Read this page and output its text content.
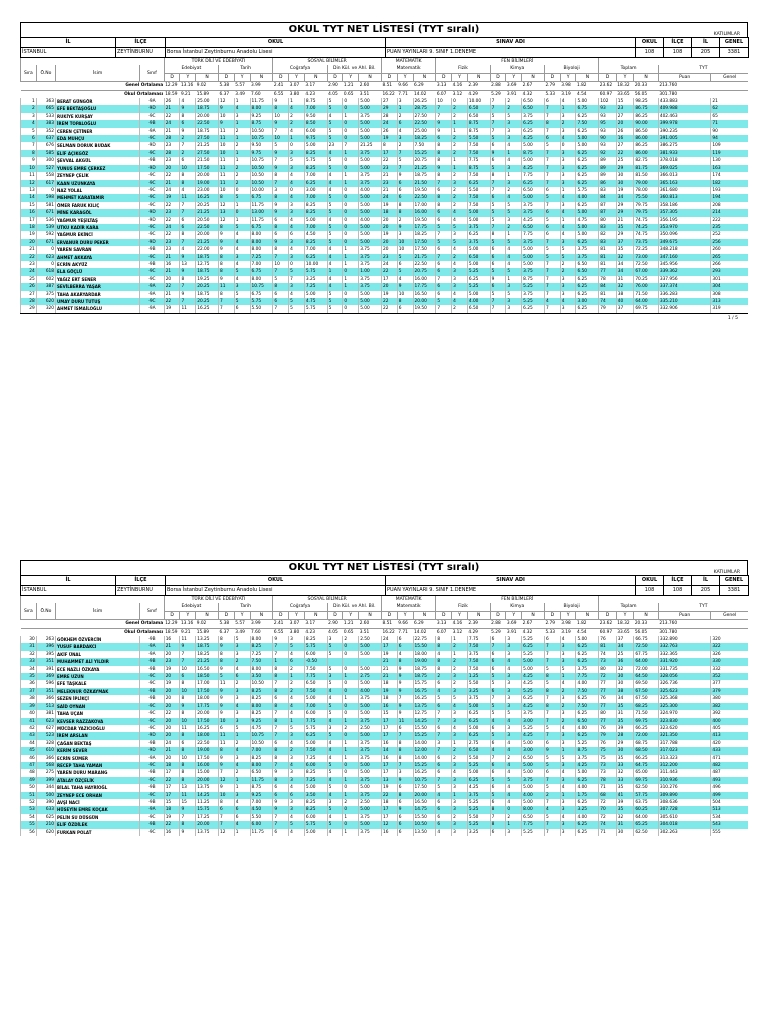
OKUL TYT NET LİSTESİ (TYT sıralı)	KATILIMLAR
İL	İLÇE	OKUL	SINAV ADI	OKUL	İLÇE	İL	GENEL
İSTANBUL	ZEYTİNBURNU	Borsa İstanbul Zeytinburnu Anadolu Lisesi	PUAN YAYINLARI 9. SINIF 1.DENEME	108	108	205	3381
				TÜRK DİLİ VE EDEBİYATI						SOSYAL BİLİMLER						MATEMATİK			FEN BİLİMLERİ													
Sıra	Ö.No	İsim	Sınıf	Edebiyat			Tarih			Coğrafya			Din Kül. ve Ahl. Bil.			Matematik			Fizik			Kimya			Biyoloji			Toplam			TYT	
				D	Y	N	D	Y	N	D	Y	N	D	Y	N	D	Y	N	D	Y	N	D	Y	N	D	Y	N	D	Y	N	Puan	Genel
Genel Ortalama				12.29	13.16	9.02	5.38	5.57	3.99	2.41	3.07	3.17	2.90	1.21	2.60	8.51	9.66	6.29	3.13	4.16	2.39	2.88	3.69	2.67	2.79	3.98	1.82	23.62	18.32	20.33	213.760	
Okul Ortalaması				18.59	9.21	15.89	6.37	3.49	7.60	6.55	3.80	4.23	4.05	0.65	3.51	16.22	7.71	14.02	6.07	3.12	4.29	5.29	3.91	4.32	5.33	3.19	4.54	60.97	33.65	56.05	301.780	
1	363	BERAT GÜNGÖR	-9A	26	4	25.00	12	1	11.75	9	1	8.75	5	0	5.00	27	3	26.25	10	0	10.00	7	2	6.50	6	4	5.00	102	15	98.25	433.883	21
2	665	EFE BEKTAŞOĞLU	-9D	21	9	18.75	9	4	8.00	8	4	7.00	5	0	5.00	29	1	28.75	7	2	6.50	7	2	6.50	7	1	6.75	93	23	86.75	409.988	62
3	533	RUKİYE KURŞAY	-9C	22	8	20.00	10	3	9.25	10	2	9.50	4	1	3.75	28	2	27.50	7	2	6.50	5	5	3.75	7	3	6.25	93	27	86.25	402.463	65
4	383	İREM TOPALOĞLU	-9B	24	6	22.50	9	1	8.75	9	2	8.50	5	0	5.00	24	6	22.50	9	1	8.75	7	3	6.25	8	2	7.50	95	20	90.00	399.978	71
5	352	CEREN ÇETİNER	-9A	21	9	18.75	11	2	10.50	7	4	6.00	5	0	5.00	26	4	25.00	9	1	8.75	7	3	6.25	7	3	6.25	93	26	86.50	390.235	90
6	637	EDA MUHÇU	-9C	28	2	27.50	11	1	10.75	10	1	9.75	5	0	5.00	19	3	18.25	6	2	5.50	5	3	4.25	6	4	5.00	90	16	86.00	391.005	94
7	676	SELMAN DORUK BUDAK	-9D	23	7	21.25	10	2	9.50	5	0	5.00	23	7	21.25	8	2	7.50	8	2	7.50	6	4	5.00	5	0	5.00	93	27	86.25	386.275	109
8	585	ELİF AÇIKGÖZ	-9C	28	2	27.50	10	1	9.75	9	3	8.25	4	1	3.75	17	7	15.25	8	2	7.50	9	1	8.75	7	3	6.25	92	22	86.00	381.933	119
9	300	ŞEVVAL AKGÜL	-9B	23	6	21.50	11	1	10.75	7	5	5.75	5	0	5.00	22	5	20.75	8	1	7.75	6	4	5.00	7	3	6.25	89	25	82.75	378.018	130
10	527	YUNUS EMRE ÇERKEZ	-9D	20	10	17.50	11	2	10.50	9	3	8.25	5	0	5.00	23	7	21.25	9	1	8.75	5	3	4.25	7	3	6.25	89	29	81.75	369.025	163
11	558	ZEYNEP ÇELİK	-9C	22	8	20.00	11	2	10.50	8	4	7.00	4	1	3.75	21	9	18.75	8	2	7.50	8	1	7.75	7	3	6.25	89	30	81.50	366.013	174
12	617	KAAN UZUNKAYA	-9C	21	8	19.00	11	2	10.50	7	4	6.25	4	1	3.75	23	6	21.50	7	3	6.25	7	3	6.25	7	3	6.25	86	30	79.00	365.163	182
13	0	NAZ YOLAL	-9C	24	4	23.00	10	0	10.00	3	0	3.00	4	0	4.00	21	6	19.50	6	2	5.50	7	2	6.50	6	1	5.75	83	19	78.00	361.680	193
14	598	MEHMET KARATAMIR	-9C	19	11	16.25	8	5	6.75	8	4	7.00	5	0	5.00	24	6	22.50	8	2	7.50	6	4	5.00	5	4	4.00	84	34	75.50	360.813	194
15	581	ÖMER FARUK KILIÇ	-9C	22	7	20.25	12	1	11.75	9	3	8.25	5	0	5.00	19	8	17.00	8	2	7.50	5	5	3.75	7	3	6.25	87	29	79.75	358.186	208
16	671	MİNE KARAGÖL	-9D	23	7	21.25	13	0	13.00	9	3	8.25	5	0	5.00	18	8	16.00	6	4	5.00	5	5	3.75	6	4	5.00	87	29	79.75	357.305	214
17	536	YAĞMUR YEŞİLTAŞ	-9D	22	6	20.50	12	1	11.75	6	4	5.00	4	0	4.00	20	2	19.50	6	4	5.00	5	3	4.25	5	1	4.75	80	21	74.75	356.195	222
18	539	UTKU KADİR KARA	-9C	24	6	22.50	8	5	6.75	8	4	7.00	5	0	5.00	20	9	17.75	5	5	3.75	7	2	6.50	6	4	5.00	83	35	74.25	353.970	235
19	592	YAĞMUR EKİNCİ	-9C	22	8	20.00	9	4	8.00	6	6	4.50	5	0	5.00	19	3	18.25	7	3	6.25	8	1	7.75	6	4	5.00	82	29	74.75	350.096	252
20	671	ERVANUR DURU PEKER	-9D	23	7	21.25	9	4	8.00	9	3	8.25	5	0	5.00	20	10	17.50	5	5	3.75	5	5	3.75	7	3	6.25	83	37	73.75	349.675	256
21	0	YAREN SAVRAN	-9B	23	4	22.00	9	4	8.00	8	4	7.00	4	1	3.75	20	10	17.50	6	4	5.00	6	4	5.00	5	5	3.75	81	35	72.25	348.218	260
22	623	AHMET AKKAYA	-9C	21	9	18.75	8	3	7.25	7	3	6.25	4	1	3.75	23	5	21.75	7	2	6.50	6	4	5.00	5	5	3.75	81	32	73.00	347.160	265
23	0	ECRİN AKYÜZ	-9B	16	13	12.75	8	4	7.00	10	0	10.00	4	1	3.75	24	6	22.50	6	4	5.00	6	4	5.00	7	2	6.50	81	34	72.50	345.956	266
24	618	ELA GÖÇLÜ	-9C	21	9	18.75	8	5	6.75	7	5	5.75	1	0	1.00	22	5	20.75	6	3	5.25	5	5	3.75	7	2	6.50	77	34	67.00	339.362	293
25	602	YAĞIZ ERT SENER	-9C	20	8	19.25	9	4	8.00	5	7	3.25	4	1	3.75	17	4	16.00	7	3	6.25	9	1	8.75	7	3	6.25	78	31	70.25	337.956	301
26	387	SEVİLBERRA YAŞAR	-9A	22	7	20.25	11	3	10.75	8	3	7.25	4	1	3.75	20	9	17.75	6	3	5.25	6	3	5.25	7	3	6.25	84	32	76.00	337.374	304
27	375	TAHA AKARYARDAR	-9A	21	9	18.75	8	5	6.75	6	4	5.00	5	0	5.00	19	10	16.50	6	4	5.00	5	5	3.75	7	3	6.25	81	38	71.50	336.283	308
28	620	UMAY DURU TUTUŞ	-9C	22	7	20.25	7	5	5.75	6	5	4.75	5	0	5.00	22	8	20.00	5	4	4.00	7	3	5.25	4	4	3.00	74	40	64.00	335.210	313
29	320	AHMET İSMAİLOĞLU	-9A	19	11	16.25	7	6	5.50	7	5	5.75	5	0	5.00	22	6	19.50	7	2	6.50	7	3	6.25	7	3	6.25	79	37	69.75	332.906	319
1 / 5
OKUL TYT NET LİSTESİ (TYT sıralı)	KATILIMLAR
İL	İLÇE	OKUL	SINAV ADI	OKUL	İLÇE	İL	GENEL
İSTANBUL	ZEYTİNBURNU	Borsa İstanbul Zeytinburnu Anadolu Lisesi	PUAN YAYINLARI 9. SINIF 1.DENEME	108	108	205	3381
				TÜRK DİLİ VE EDEBİYATI						SOSYAL BİLİMLER						MATEMATİK			FEN BİLİMLERİ													
Sıra	Ö.No	İsim	Sınıf	Edebiyat			Tarih			Coğrafya			Din Kül. ve Ahl. Bil.			Matematik			Fizik			Kimya			Biyoloji			Toplam			TYT	
				D	Y	N	D	Y	N	D	Y	N	D	Y	N	D	Y	N	D	Y	N	D	Y	N	D	Y	N	D	Y	N	Puan	Genel
Genel Ortalama				12.29	13.16	9.02	5.38	5.57	3.99	2.41	3.07	3.17	2.90	1.21	2.60	8.51	9.66	6.29	3.13	4.16	2.39	2.88	3.69	2.67	2.79	3.98	1.82	23.62	18.32	20.33	213.760	
Okul Ortalaması				18.59	9.21	15.89	6.37	3.49	7.60	6.55	3.80	4.23	4.05	0.65	3.51	16.22	7.71	14.02	6.07	3.12	4.29	5.29	3.91	4.32	5.33	3.19	4.54	60.97	33.65	56.05	301.780	
30	263	GÖKHEM ÖZVERCİN	-9B	16	11	13.25	8	5	8.00	9	3	8.25	3	2	2.50	24	6	22.75	8	1	7.75	6	3	5.25	6	4	5.00	76	37	66.75	332.890	320
31	396	YUSUF BARDAKCI	-9A	21	9	18.75	9	3	8.25	7	5	5.75	5	0	5.00	17	6	15.50	8	2	7.50	7	3	6.25	7	3	6.25	81	34	72.50	332.763	322
32	395	AKİF ÜNAL	-9A	20	7	18.25	8	3	7.25	7	4	6.00	5	0	5.00	19	4	18.00	4	1	3.75	6	3	5.25	7	3	6.25	74	25	67.75	332.365	326
33	351	MUHAMMET ALİ YILDIR	-9B	23	7	21.25	8	2	7.50	1	6	-0.50				21	8	19.00	8	2	7.50	6	4	5.00	7	3	6.25	73	36	64.00	331.920	330
34	391	ECE NAZLI ÖZKAYA	-9B	19	10	16.50	9	4	8.00	8	2	7.50	5	0	5.00	21	9	18.75	8	2	7.50	6	4	5.00	5	5	3.75	80	32	72.00	331.735	332
35	369	EMRE UZUN	-9C	20	6	18.50	5	6	3.50	8	1	7.75	3	1	2.75	21	9	18.75	2	3	1.25	5	3	4.25	8	1	7.75	72	30	64.50	328.056	352
36	596	EFE TAŞKALE	-9C	19	8	17.00	11	2	10.50	7	2	6.50	5	0	5.00	18	9	15.75	6	2	5.50	5	3	4.25	5	4	4.00	77	30	69.50	326.736	377
37	351	MELEKNUR ÖZKAYMAK	-9B	20	10	17.50	9	3	8.25	8	2	7.50	4	0	4.00	19	9	16.75	4	3	3.25	6	3	5.25	8	2	7.50	77	38	67.50	325.623	379
38	366	SEZEN İPLİKÇİ	-9B	20	8	18.00	9	3	8.25	6	4	5.00	4	1	3.75	18	7	16.25	5	5	3.75	7	3	6.25	7	3	6.25	76	34	67.50	325.368	380
39	513	SAİD OYNAN	-9C	20	9	17.75	9	4	8.00	8	4	7.00	5	0	5.00	16	9	13.75	6	4	5.00	5	3	4.25	8	2	7.50	77	35	68.25	325.300	382
40	381	TAHA UÇAN	-9C	22	8	20.00	9	3	8.25	7	4	6.00	5	0	5.00	15	9	12.75	7	3	6.25	5	5	3.75	7	3	6.25	80	31	71.50	324.970	392
41	623	KEVSER RAZZAKOVA	-9C	20	10	17.50	10	3	9.25	8	1	7.75	4	1	3.75	17	11	14.25	7	3	6.25	4	4	3.00	7	2	6.50	77	35	69.75	323.830	400
42	627	MÜCDAR YAZICIOĞLU	-9C	20	11	16.25	6	5	4.75	7	5	5.75	3	2	2.50	17	6	15.50	6	4	5.00	6	3	5.25	5	4	4.00	76	39	66.25	323.620	405
43	523	İREM ARSLAN	-9D	20	8	18.00	11	1	10.75	7	3	6.25	5	0	5.00	17	7	15.25	7	3	6.25	5	3	4.25	7	3	6.25	79	28	72.00	321.350	413
44	328	ÇAĞAN BEKTAŞ	-9B	24	6	22.50	11	2	10.50	6	4	5.00	4	1	3.75	16	8	14.00	3	1	2.75	6	4	5.00	6	3	5.25	76	29	68.75	317.788	420
45	610	KERİM SEVER	-9D	21	8	19.00	8	4	7.00	8	2	7.50	4	1	3.75	14	8	12.00	7	2	6.50	4	4	3.00	9	1	8.75	75	30	68.50	317.023	433
46	366	ECRİN SÜMER	-9A	20	10	17.50	9	3	8.25	8	3	7.25	4	1	3.75	16	8	14.00	6	2	5.50	7	2	6.50	5	5	3.75	75	35	66.25	313.323	471
47	568	RECEP TAHA YAMAN	-9C	18	8	16.00	9	4	8.00	7	4	6.00	5	0	5.00	17	7	15.25	6	3	5.25	6	4	5.00	5	3	4.25	73	33	64.75	312.200	482
48	275	YAREN DURU MARANG	-9B	17	8	15.00	7	2	6.50	9	3	8.25	5	0	5.00	17	3	16.25	6	4	5.00	6	4	5.00	6	4	5.00	73	32	65.00	311.443	487
49	399	ATALAY ÖZÇELİK	-9C	22	8	20.00	12	1	11.75	8	3	7.25	4	1	3.75	13	9	10.75	7	3	6.25	5	5	3.75	7	3	6.25	78	33	69.75	310.936	493
50	344	BİLAL TAHA HAYRİOĞL	-9B	17	13	13.75	9	1	8.75	6	4	5.00	5	0	5.00	19	6	17.50	5	3	4.25	6	4	5.00	5	4	4.00	71	35	62.50	310.276	496
51	500	ZEYNEP ECE ORHAN	-9C	17	11	14.25	10	3	9.25	6	6	3.50	4	1	3.75	22	8	20.00	4	1	3.75	5	4	4.00	2	1	1.75	68	41	57.75	309.890	499
52	390	AVŞİ NACİ	-9B	15	15	11.25	8	4	7.00	9	3	8.25	3	2	2.50	18	6	16.50	6	3	5.25	6	4	5.00	7	3	6.25	72	39	63.75	308.636	504
53	633	HÜSEYİN EMRE KOÇAK	-9A	18	9	15.75	6	6	4.50	9	3	8.25	5	0	5.00	17	9	14.75	6	3	5.25	8	0	8.00	4	3	3.25	70	35	60.25	307.728	513
54	625	PELİN SU DÜSGÜN	-9C	19	7	17.25	7	6	5.50	7	4	6.00	4	1	3.75	17	6	15.50	6	2	5.50	7	2	6.50	5	4	4.00	72	32	64.00	305.610	534
55	210	ELİF ÖZDİLEK	-9B	22	8	20.00	7	4	6.00	7	5	5.75	5	0	5.00	12	6	10.50	6	3	5.25	8	1	7.75	7	3	6.25	74	31	65.25	304.018	543
56	620	FURKAN POLAT	-9C	16	9	13.75	12	1	11.75	6	4	5.00	4	1	3.75	16	6	13.50	4	3	3.25	6	3	5.25	7	3	6.25	71	30	62.50	302.263	555
